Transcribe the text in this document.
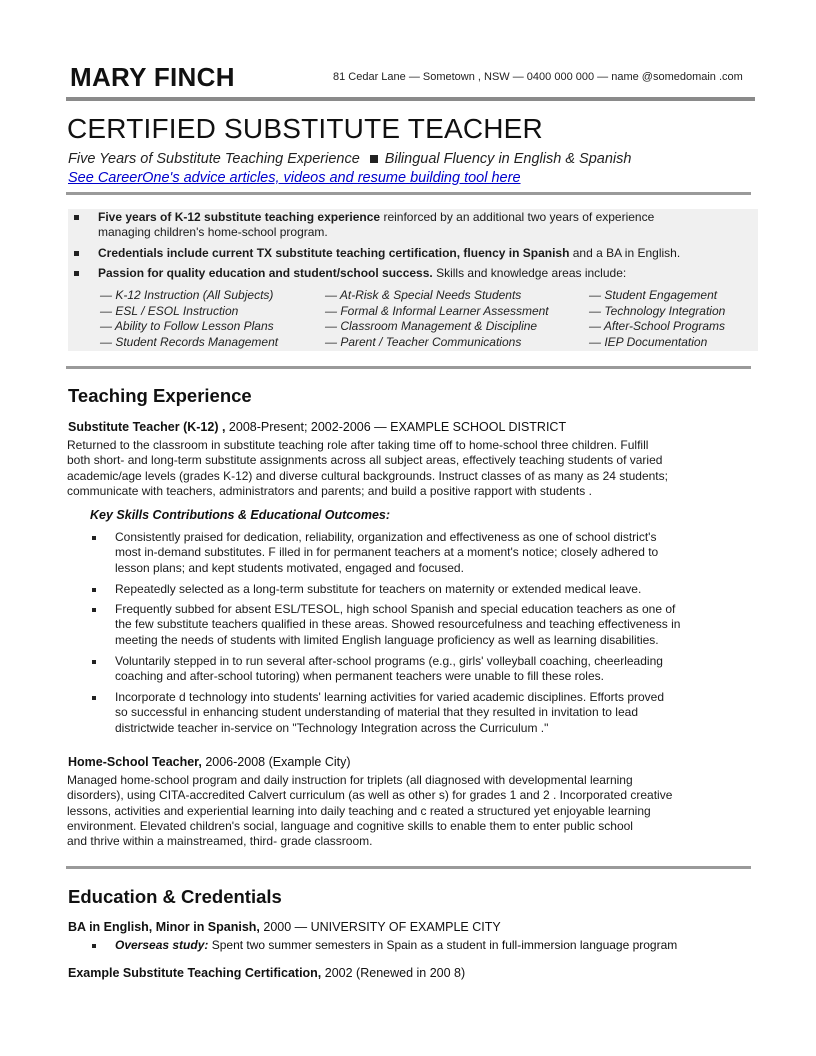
MARY FINCH	81 Cedar Lane — Sometown , NSW — 0400 000 000 — name @somedomain .com
CERTIFIED SUBSTITUTE TEACHER
Five Years of Substitute Teaching Experience Bilingual Fluency in English & Spanish
See CareerOne's advice articles, videos and resume building tool here
Five years of K-12 substitute teaching experience reinforced by an additional two years of experience
managing children's home-school program.
Credentials include current TX substitute teaching certification, fluency in Spanish and a BA in English.
Passion for quality education and student/school success. Skills and knowledge areas include:
— K-12 Instruction (All Subjects)
— ESL / ESOL Instruction
— Ability to Follow Lesson Plans
— Student Records Management
— At-Risk & Special Needs Students
— Formal & Informal Learner Assessment
— Classroom Management & Discipline
— Parent / Teacher Communications
— Student Engagement
— Technology Integration
— After-School Programs
— IEP Documentation
Teaching Experience
Substitute Teacher (K-12) , 2008-Present; 2002-2006 — EXAMPLE SCHOOL DISTRICT
Returned to the classroom in substitute teaching role after taking time off to home-school three children. Fulfill
both short- and long-term substitute assignments across all subject areas, effectively teaching students of varied
academic/age levels (grades K-12) and diverse cultural backgrounds. Instruct classes of as many as 24 students;
communicate with teachers, administrators and parents; and build a positive rapport with students .
Key Skills Contributions & Educational Outcomes:
Consistently praised for dedication, reliability, organization and effectiveness as one of school district's
most in-demand substitutes. F illed in for permanent teachers at a moment's notice; closely adhered to
lesson plans; and kept students motivated, engaged and focused.
Repeatedly selected as a long-term substitute for teachers on maternity or extended medical leave.
Frequently subbed for absent ESL/TESOL, high school Spanish and special education teachers as one of
the few substitute teachers qualified in these areas. Showed resourcefulness and teaching effectiveness in
meeting the needs of students with limited English language proficiency as well as learning disabilities.
Voluntarily stepped in to run several after-school programs (e.g., girls' volleyball coaching, cheerleading
coaching and after-school tutoring) when permanent teachers were unable to fill these roles.
Incorporate d technology into students' learning activities for varied academic disciplines. Efforts proved
so successful in enhancing student understanding of material that they resulted in invitation to lead
districtwide teacher in-service on "Technology Integration across the Curriculum ."
Home-School Teacher, 2006-2008 (Example City)
Managed home-school program and daily instruction for triplets (all diagnosed with developmental learning
disorders), using CITA-accredited Calvert curriculum (as well as other s) for grades 1 and 2 . Incorporated creative
lessons, activities and experiential learning into daily teaching and c reated a structured yet enjoyable learning
environment. Elevated children's social, language and cognitive skills to enable them to enter public school
and thrive within a mainstreamed, third- grade classroom.
Education & Credentials
BA in English, Minor in Spanish, 2000 — UNIVERSITY OF EXAMPLE CITY
Overseas study: Spent two summer semesters in Spain as a student in full-immersion language program
Example Substitute Teaching Certification, 2002 (Renewed in 200 8)
